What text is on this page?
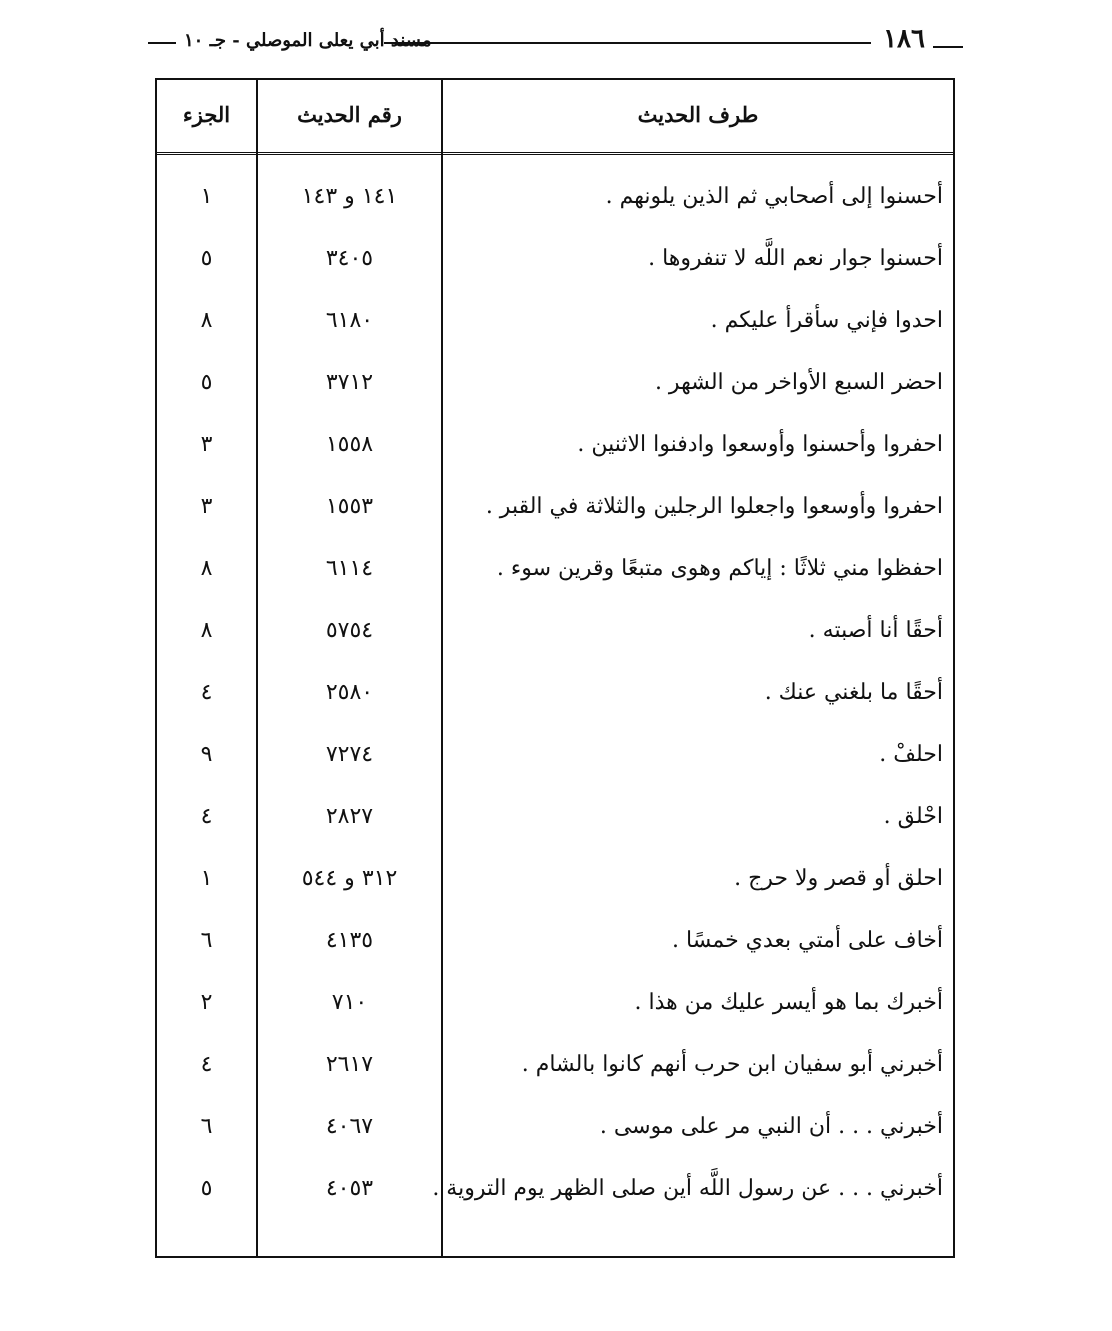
١٨٦
مسند أبي يعلى الموصلي - جـ ١٠
طرف الحديث
رقم الحديث
الجزء
أحسنوا إلى أصحابي ثم الذين يلونهم .
١٤١ و ١٤٣
١
أحسنوا جوار نعم اللَّه لا تنفروها .
٣٤٠٥
٥
احدوا فإني سأقرأ عليكم .
٦١٨٠
٨
احضر السبع الأواخر من الشهر .
٣٧١٢
٥
احفروا وأحسنوا وأوسعوا وادفنوا الاثنين .
١٥٥٨
٣
احفروا وأوسعوا واجعلوا الرجلين والثلاثة في القبر .
١٥٥٣
٣
احفظوا مني ثلاثًا : إياكم وهوى متبعًا وقرين سوء .
٦١١٤
٨
أحقًا أنا أصبته .
٥٧٥٤
٨
أحقًا ما بلغني عنك .
٢٥٨٠
٤
احلفْ .
٧٢٧٤
٩
احْلق .
٢٨٢٧
٤
احلق أو قصر ولا حرج .
٣١٢ و ٥٤٤
١
أخاف على أمتي بعدي خمسًا .
٤١٣٥
٦
أخبرك بما هو أيسر عليك من هذا .
٧١٠
٢
أخبرني أبو سفيان ابن حرب أنهم كانوا بالشام .
٢٦١٧
٤
أخبرني . . . أن النبي مر على موسى .
٤٠٦٧
٦
أخبرني . . . عن رسول اللَّه أين صلى الظهر يوم التروية .
٤٠٥٣
٥
